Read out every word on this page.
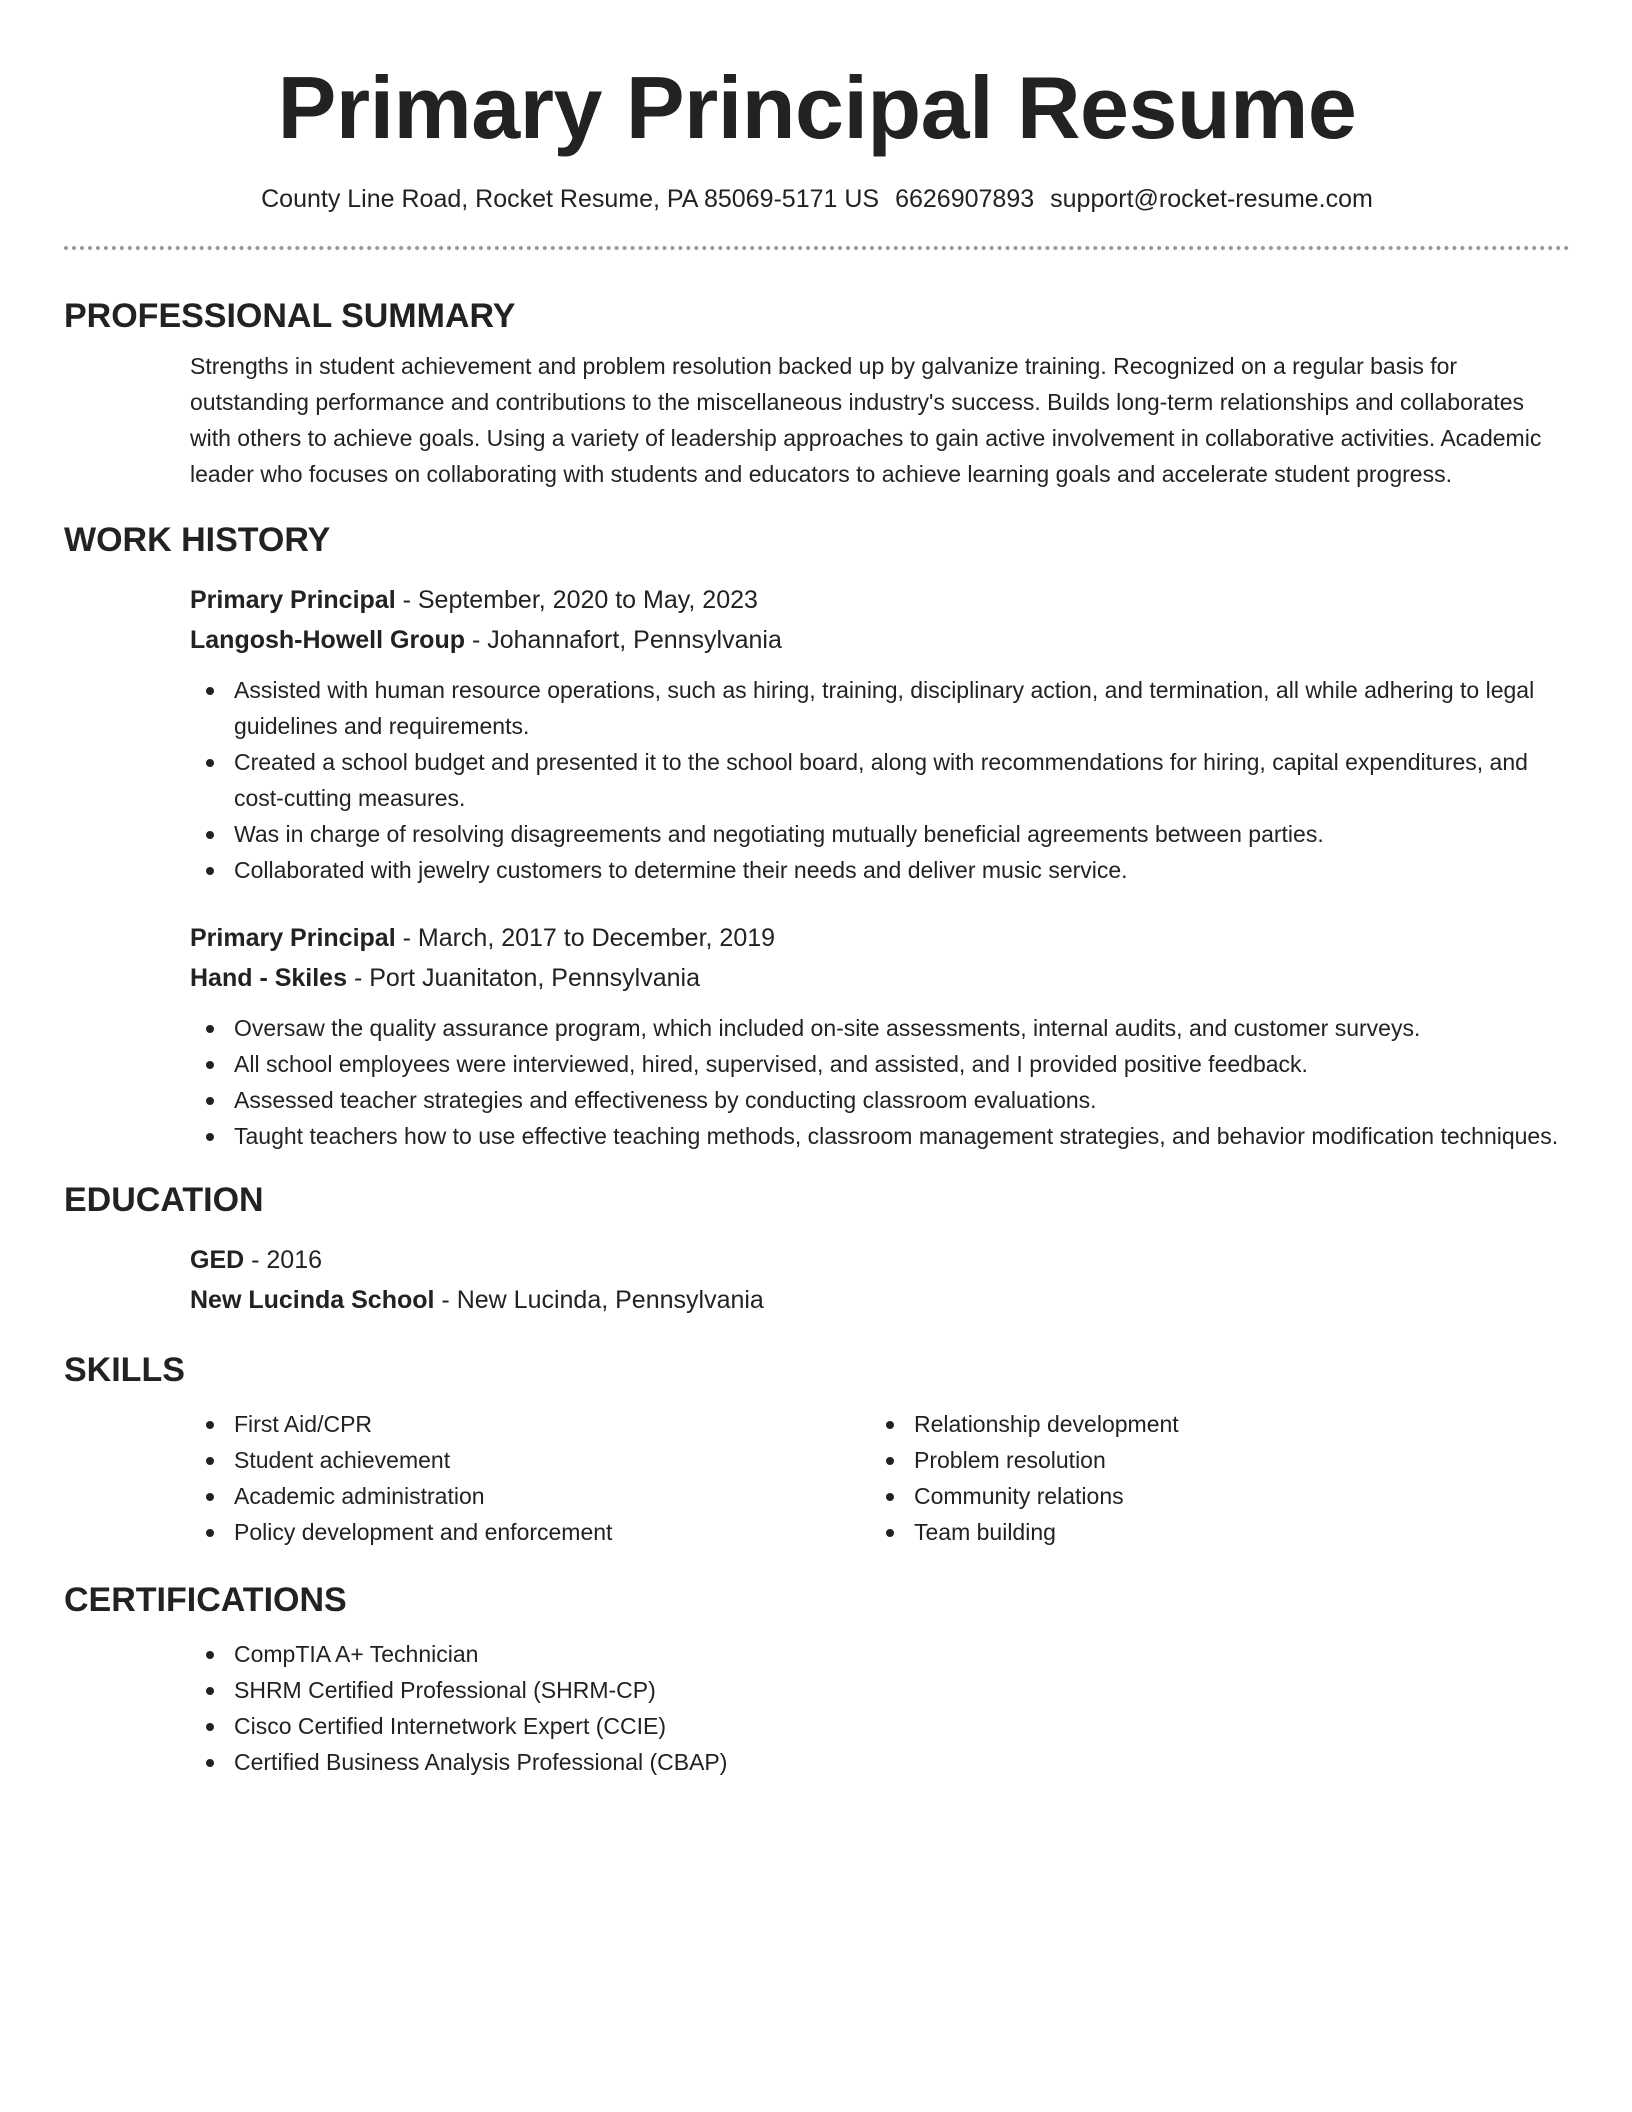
Primary Principal Resume
County Line Road, Rocket Resume, PA 85069-5171 US 6626907893 support@rocket-resume.com
PROFESSIONAL SUMMARY
Strengths in student achievement and problem resolution backed up by galvanize training. Recognized on a regular basis for outstanding performance and contributions to the miscellaneous industry's success. Builds long-term relationships and collaborates with others to achieve goals. Using a variety of leadership approaches to gain active involvement in collaborative activities. Academic leader who focuses on collaborating with students and educators to achieve learning goals and accelerate student progress.
WORK HISTORY
Primary Principal - September, 2020 to May, 2023
Langosh-Howell Group - Johannafort, Pennsylvania
Assisted with human resource operations, such as hiring, training, disciplinary action, and termination, all while adhering to legal guidelines and requirements.
Created a school budget and presented it to the school board, along with recommendations for hiring, capital expenditures, and cost-cutting measures.
Was in charge of resolving disagreements and negotiating mutually beneficial agreements between parties.
Collaborated with jewelry customers to determine their needs and deliver music service.
Primary Principal - March, 2017 to December, 2019
Hand - Skiles - Port Juanitaton, Pennsylvania
Oversaw the quality assurance program, which included on-site assessments, internal audits, and customer surveys.
All school employees were interviewed, hired, supervised, and assisted, and I provided positive feedback.
Assessed teacher strategies and effectiveness by conducting classroom evaluations.
Taught teachers how to use effective teaching methods, classroom management strategies, and behavior modification techniques.
EDUCATION
GED - 2016
New Lucinda School - New Lucinda, Pennsylvania
SKILLS
First Aid/CPR
Student achievement
Academic administration
Policy development and enforcement
Relationship development
Problem resolution
Community relations
Team building
CERTIFICATIONS
CompTIA A+ Technician
SHRM Certified Professional (SHRM-CP)
Cisco Certified Internetwork Expert (CCIE)
Certified Business Analysis Professional (CBAP)
